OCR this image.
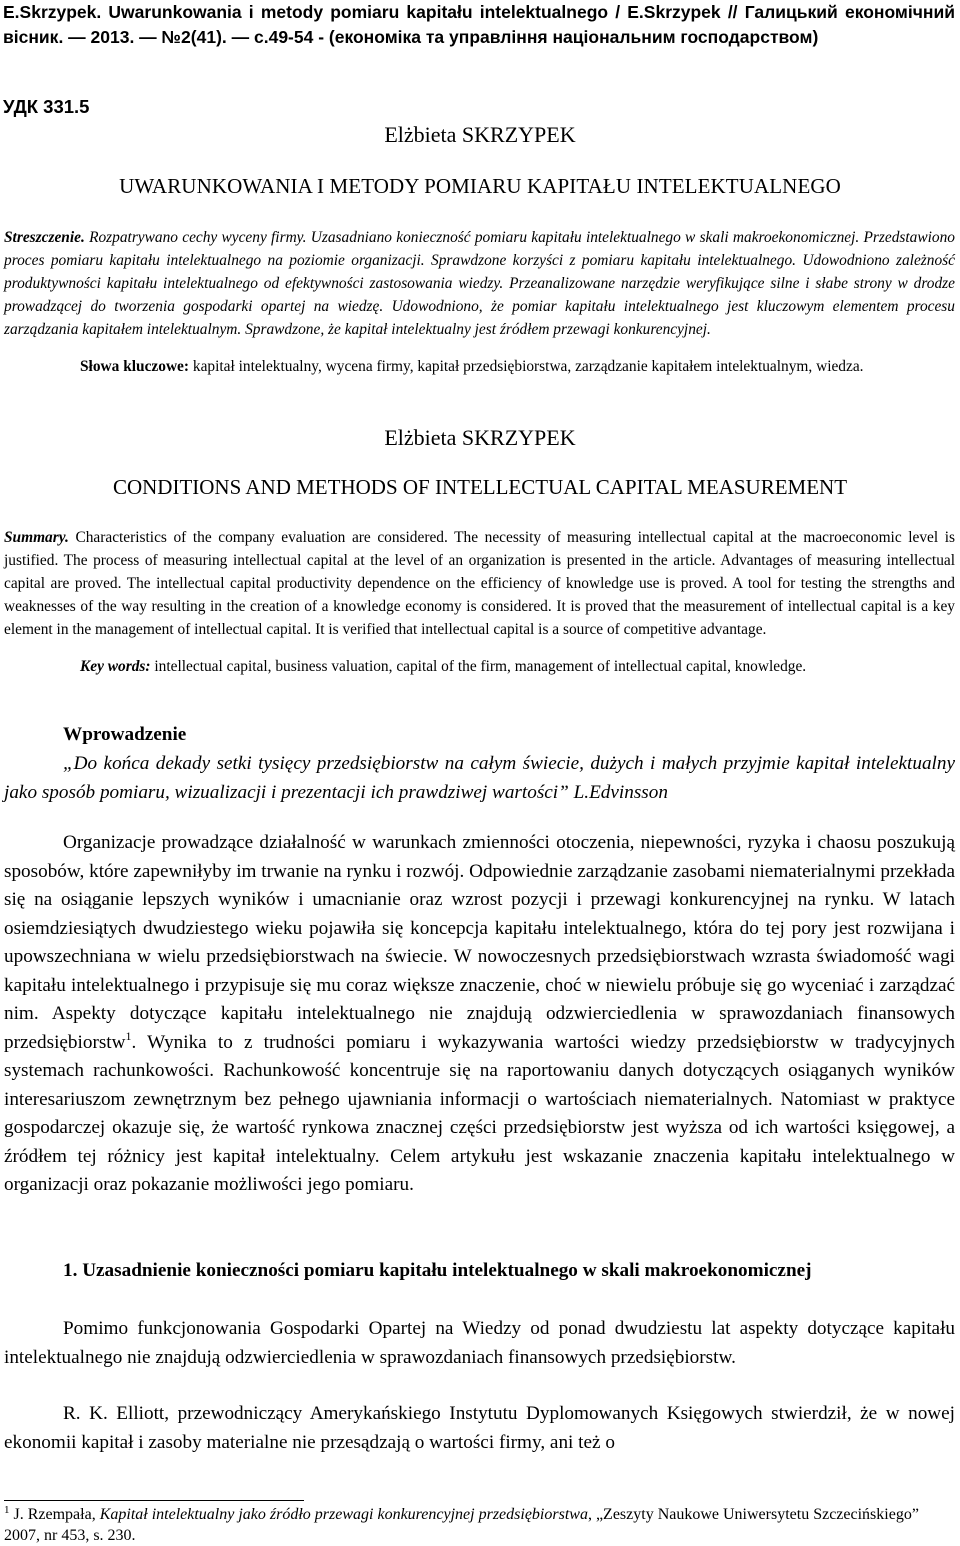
E.Skrzypek. Uwarunkowania i metody pomiaru kapitału intelektualnego / E.Skrzypek // Галицький економічний вісник. — 2013. — №2(41). — с.49-54 - (економіка та управління національним господарством)

УДК 331.5

Elżbieta SKRZYPEK

UWARUNKOWANIA I METODY POMIARU KAPITAŁU INTELEKTUALNEGO

Streszczenie. Rozpatrywano cechy wyceny firmy. Uzasadniano konieczność pomiaru kapitału intelektualnego w skali makroekonomicznej. Przedstawiono proces pomiaru kapitału intelektualnego na poziomie organizacji. Sprawdzone korzyści z pomiaru kapitału intelektualnego. Udowodniono zależność produktywności kapitału intelektualnego od efektywności zastosowania wiedzy. Przeanalizowane narzędzie weryfikujące silne i słabe strony w drodze prowadzącej do tworzenia gospodarki opartej na wiedzę. Udowodniono, że pomiar kapitału intelektualnego jest kluczowym elementem procesu zarządzania kapitałem intelektualnym. Sprawdzone, że kapitał intelektualny jest źródłem przewagi konkurencyjnej.

Słowa kluczowe: kapitał intelektualny, wycena firmy, kapitał przedsiębiorstwa, zarządzanie kapitałem intelektualnym, wiedza.

Elżbieta SKRZYPEK

CONDITIONS AND METHODS OF INTELLECTUAL CAPITAL MEASUREMENT

Summary. Characteristics of the company evaluation are considered. The necessity of measuring intellectual capital at the macroeconomic level is justified. The process of measuring intellectual capital at the level of an organization is presented in the article. Advantages of measuring intellectual capital are proved. The intellectual capital productivity dependence on the efficiency of knowledge use is proved. A tool for testing the strengths and weaknesses of the way resulting in the creation of a knowledge economy is considered. It is proved that the measurement of intellectual capital is a key element in the management of intellectual capital. It is verified that intellectual capital is a source of competitive advantage.

Key words: intellectual capital, business valuation, capital of the firm, management of intellectual capital, knowledge.

Wprowadzenie

„Do końca dekady setki tysięcy przedsiębiorstw na całym świecie, dużych i małych przyjmie kapitał intelektualny jako sposób pomiaru, wizualizacji i prezentacji ich prawdziwej wartości” L.Edvinsson

Organizacje prowadzące działalność w warunkach zmienności otoczenia, niepewności, ryzyka i chaosu poszukują sposobów, które zapewniłyby im trwanie na rynku i rozwój. Odpowiednie zarządzanie zasobami niematerialnymi przekłada się na osiąganie lepszych wyników i umacnianie oraz wzrost pozycji i przewagi konkurencyjnej na rynku. W latach osiemdziesiątych dwudziestego wieku pojawiła się koncepcja kapitału intelektualnego, która do tej pory jest rozwijana i upowszechniana w wielu przedsiębiorstwach na świecie. W nowoczesnych przedsiębiorstwach wzrasta świadomość wagi kapitału intelektualnego i przypisuje się mu coraz większe znaczenie, choć w niewielu próbuje się go wyceniać i zarządzać nim. Aspekty dotyczące kapitału intelektualnego nie znajdują odzwierciedlenia w sprawozdaniach finansowych przedsiębiorstw$^1$. Wynika to z trudności pomiaru i wykazywania wartości wiedzy przedsiębiorstw w tradycyjnych systemach rachunkowości. Rachunkowość koncentruje się na raportowaniu danych dotyczących osiąganych wyników interesariuszom zewnętrznym bez pełnego ujawniania informacji o wartościach niematerialnych. Natomiast w praktyce gospodarczej okazuje się, że wartość rynkowa znacznej części przedsiębiorstw jest wyższa od ich wartości księgowej, a źródłem tej różnicy jest kapitał intelektualny. Celem artykułu jest wskazanie znaczenia kapitału intelektualnego w organizacji oraz pokazanie możliwości jego pomiaru.

1. Uzasadnienie konieczności pomiaru kapitału intelektualnego w skali makroekonomicznej

Pomimo funkcjonowania Gospodarki Opartej na Wiedzy od ponad dwudziestu lat aspekty dotyczące kapitału intelektualnego nie znajdują odzwierciedlenia w sprawozdaniach finansowych przedsiębiorstw.

R. K. Elliott, przewodniczący Amerykańskiego Instytutu Dyplomowanych Księgowych stwierdził, że w nowej ekonomii kapitał i zasoby materialne nie przesądzają o wartości firmy, ani też o

$^1$ J. Rzempała, Kapitał intelektualny jako źródło przewagi konkurencyjnej przedsiębiorstwa, „Zeszyty Naukowe Uniwersytetu Szczecińskiego” 2007, nr 453, s. 230.
